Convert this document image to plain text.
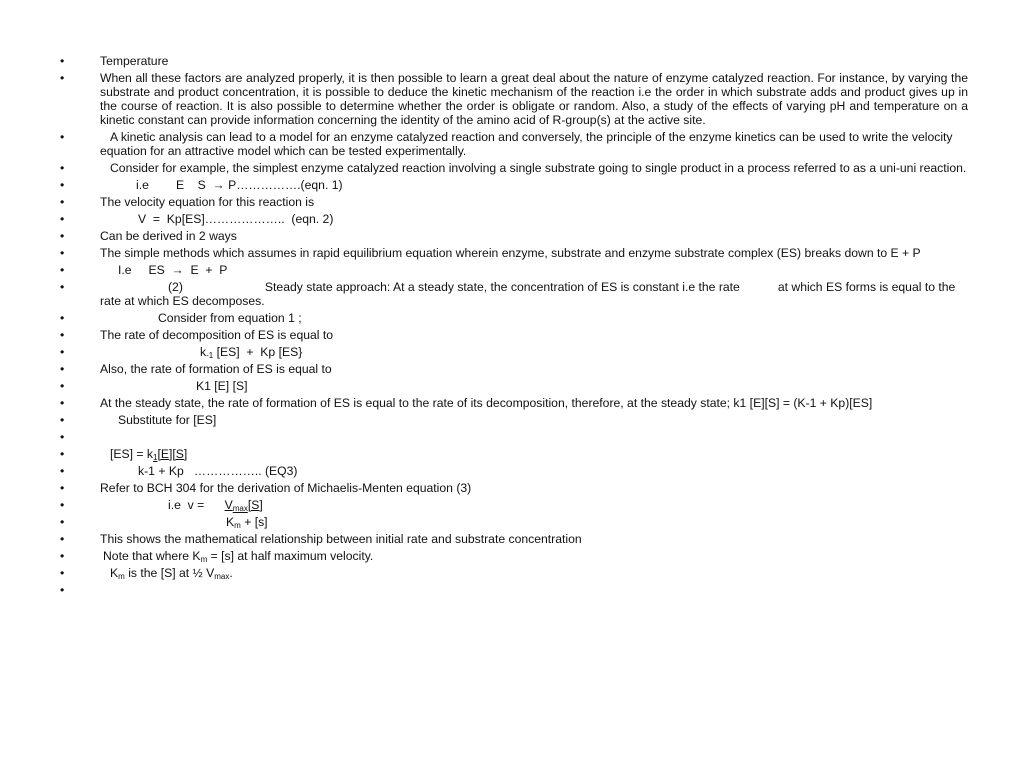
•	Temperature
•	When all these factors are analyzed properly, it is then possible to learn a great deal about the nature of enzyme catalyzed reaction. For instance, by varying the substrate and product concentration, it is possible to deduce the kinetic mechanism of the reaction i.e the order in which substrate adds and product gives up in the course of reaction. It is also possible to determine whether the order is obligate or random. Also, a study of the effects of varying pH and temperature on a kinetic constant can provide information concerning the identity of the amino acid of R-group(s) at the active site.
•	A kinetic analysis can lead to a model for an enzyme catalyzed reaction and conversely, the principle of the enzyme kinetics can be used to write the velocity equation for an attractive model which can be tested experimentally.
•	Consider for example, the simplest enzyme catalyzed reaction involving a single substrate going to single product in a process referred to as a uni-uni reaction.
•	i.e        E    S  → P…………….(eqn. 1)
•	The velocity equation for this reaction is
•	V  =  Kp[ES]………………..  (eqn. 2)
•	Can be derived in 2 ways
•	The simple methods which assumes in rapid equilibrium equation wherein enzyme, substrate and enzyme substrate complex (ES) breaks down to E + P
•	I.e     ES  →  E  +  P
•	(2)	Steady state approach: At a steady state, the concentration of ES is constant i.e the rate	at which ES forms is equal to the rate at which ES decomposes.
•	Consider from equation 1 ;
•	The rate of decomposition of ES is equal to
•	$k_{-1}$ [ES]  +  Kp [ES}
•	Also, the rate of formation of ES is equal to
•	K1 [E] [S]
•	At the steady state, the rate of formation of ES is equal to the rate of its decomposition, therefore, at the steady state; k1 [E][S] = (K-1 + Kp)[ES]
•	Substitute for [ES]
•
•	$[ES] = k_1[E][S]$
•	k-1 + Kp   …………….. (EQ3)
•	Refer to BCH 304 for the derivation of Michaelis-Menten equation (3)
•	i.e  v =      $V_{max}[S]$
•	$K_m + [s]$
•	This shows the mathematical relationship between initial rate and substrate concentration
•	Note that where $K_m = [s]$ at half maximum velocity.
•	$K_m$ is the [S] at ½ $V_{max}$.
•
